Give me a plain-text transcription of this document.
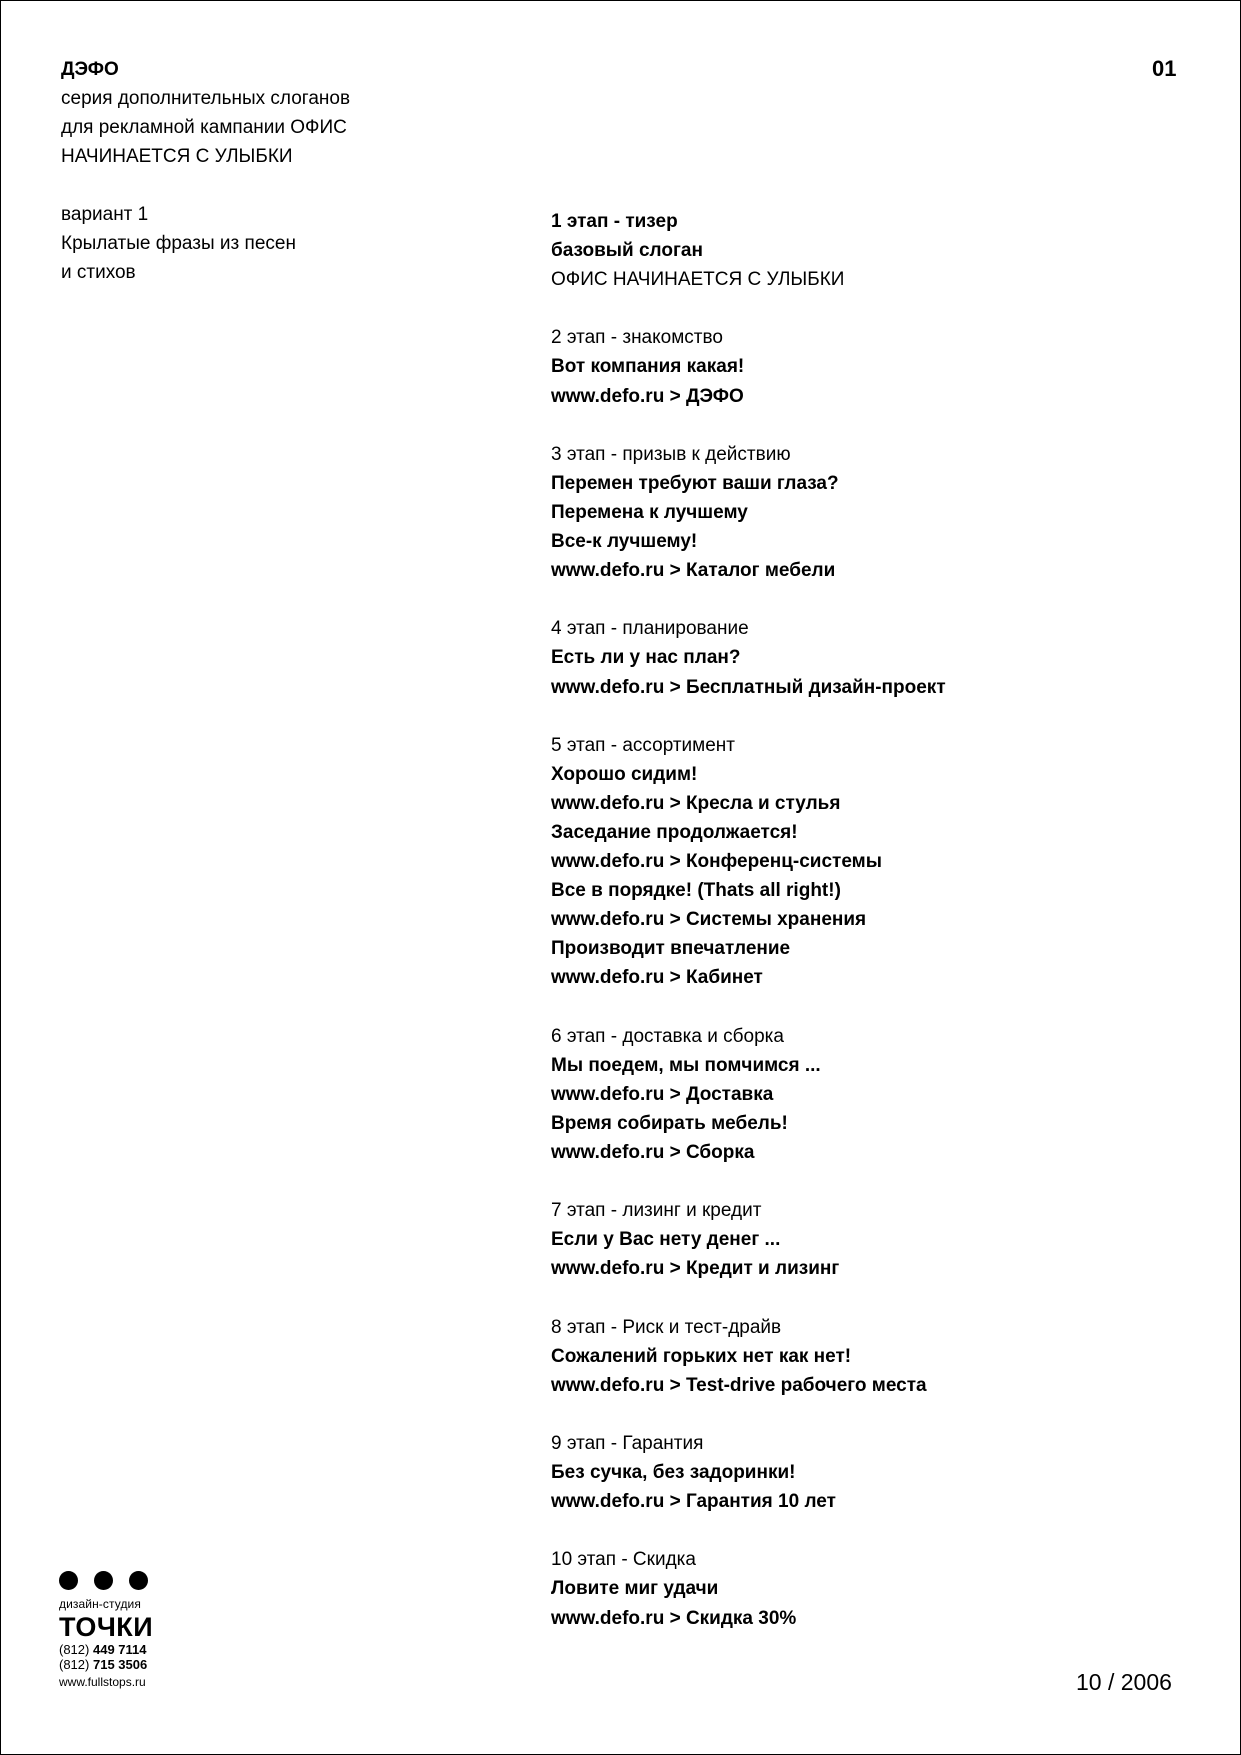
ДЭФО
серия дополнительных слоганов
для рекламной кампании ОФИС
НАЧИНАЕТСЯ С УЛЫБКИ
вариант 1
Крылатые фразы из песен
и стихов
01
1 этап - тизер
базовый слоган
ОФИС НАЧИНАЕТСЯ С УЛЫБКИ
2 этап - знакомство
Вот компания какая!
www.defo.ru > ДЭФО
3 этап - призыв к действию
Перемен требуют ваши глаза?
Перемена к лучшему
Все-к лучшему!
www.defo.ru > Каталог мебели
4 этап - планирование
Есть ли у нас план?
www.defo.ru > Бесплатный дизайн-проект
5 этап - ассортимент
Хорошо сидим!
www.defo.ru > Кресла и стулья
Заседание продолжается!
www.defo.ru > Конференц-системы
Все в порядке! (Thats all right!)
www.defo.ru > Системы хранения
Производит впечатление
www.defo.ru > Кабинет
6 этап - доставка и сборка
Мы поедем, мы помчимся ...
www.defo.ru > Доставка
Время собирать мебель!
www.defo.ru > Сборка
7 этап - лизинг и кредит
Если у Вас нету денег ...
www.defo.ru > Кредит и лизинг
8 этап - Риск и тест-драйв
Сожалений горьких нет как нет!
www.defo.ru > Test-drive рабочего места
9 этап - Гарантия
Без сучка, без задоринки!
www.defo.ru > Гарантия 10 лет
10 этап - Скидка
Ловите миг удачи
www.defo.ru > Скидка 30%
дизайн-студия
ТОЧКИ
(812) 449 7114
(812) 715 3506
www.fullstops.ru	10 / 2006
